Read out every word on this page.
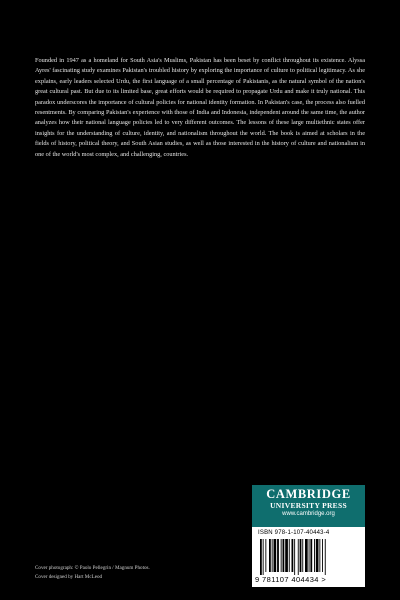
Founded in 1947 as a homeland for South Asia's Muslims, Pakistan has been beset by conflict throughout its existence. Alyssa Ayres' fascinating study examines Pakistan's troubled history by exploring the importance of culture to political legitimacy. As she explains, early leaders selected Urdu, the first language of a small percentage of Pakistanis, as the natural symbol of the nation's great cultural past. But due to its limited base, great efforts would be required to propagate Urdu and make it truly national. This paradox underscores the importance of cultural policies for national identity formation. In Pakistan's case, the process also fuelled resentments. By comparing Pakistan's experience with those of India and Indonesia, independent around the same time, the author analyzes how their national language policies led to very different outcomes. The lessons of these large multiethnic states offer insights for the understanding of culture, identity, and nationalism throughout the world. The book is aimed at scholars in the fields of history, political theory, and South Asian studies, as well as those interested in the history of culture and nationalism in one of the world's most complex, and challenging, countries.

Cover photograph: © Paolo Pellegrin / Magnum Photos.
Cover designed by Hart McLeod
CAMBRIDGE
UNIVERSITY PRESS
www.cambridge.org
ISBN 978-1-107-40443-4
9 781107 404434 >
